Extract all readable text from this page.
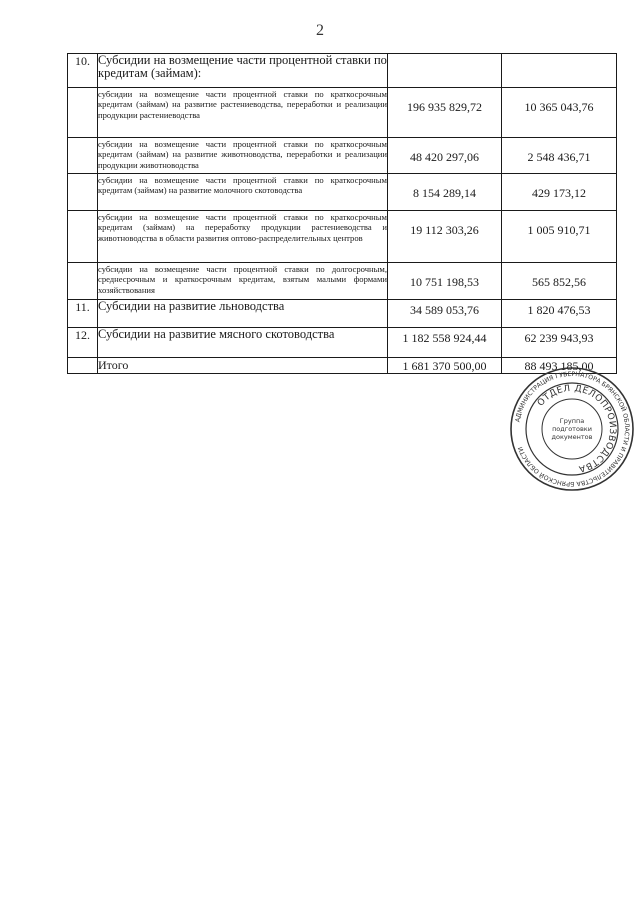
2
10.	Субсидии на возмещение части процентной ставки по кредитам (займам):		
	субсидии на возмещение части процентной ставки по краткосрочным кредитам (займам) на развитие растениеводства, переработки и реализации продукции растениеводства	196 935 829,72	10 365 043,76
	субсидии на возмещение части процентной ставки по краткосрочным кредитам (займам) на развитие животноводства, переработки и реализации продукции животноводства	48 420 297,06	2 548 436,71
	субсидии на возмещение части процентной ставки по краткосрочным кредитам (займам) на развитие молочного скотоводства	8 154 289,14	429 173,12
	субсидии на возмещение части процентной ставки по краткосрочным кредитам (займам) на переработку продукции растениеводства и животноводства в области развития оптово-распределительных центров	19 112 303,26	1 005 910,71
	субсидии на возмещение части процентной ставки по долгосрочным, среднесрочным и краткосрочным кредитам, взятым малыми формами хозяйствования	10 751 198,53	565 852,56
11.	Субсидии на развитие льноводства	34 589 053,76	1 820 476,53
12.	Субсидии на развитие мясного скотоводства	1 182 558 924,44	62 239 943,93
	Итого	1 681 370 500,00	88 493 185,00
АДМИНИСТРАЦИЯ ГУБЕРНАТОРА БРЯНСКОЙ ОБЛАСТИ И ПРАВИТЕЛЬСТВА БРЯНСКОЙ ОБЛАСТИ
ОТДЕЛ ДЕЛОПРОИЗВОДСТВА
Группа
подготовки
документов
